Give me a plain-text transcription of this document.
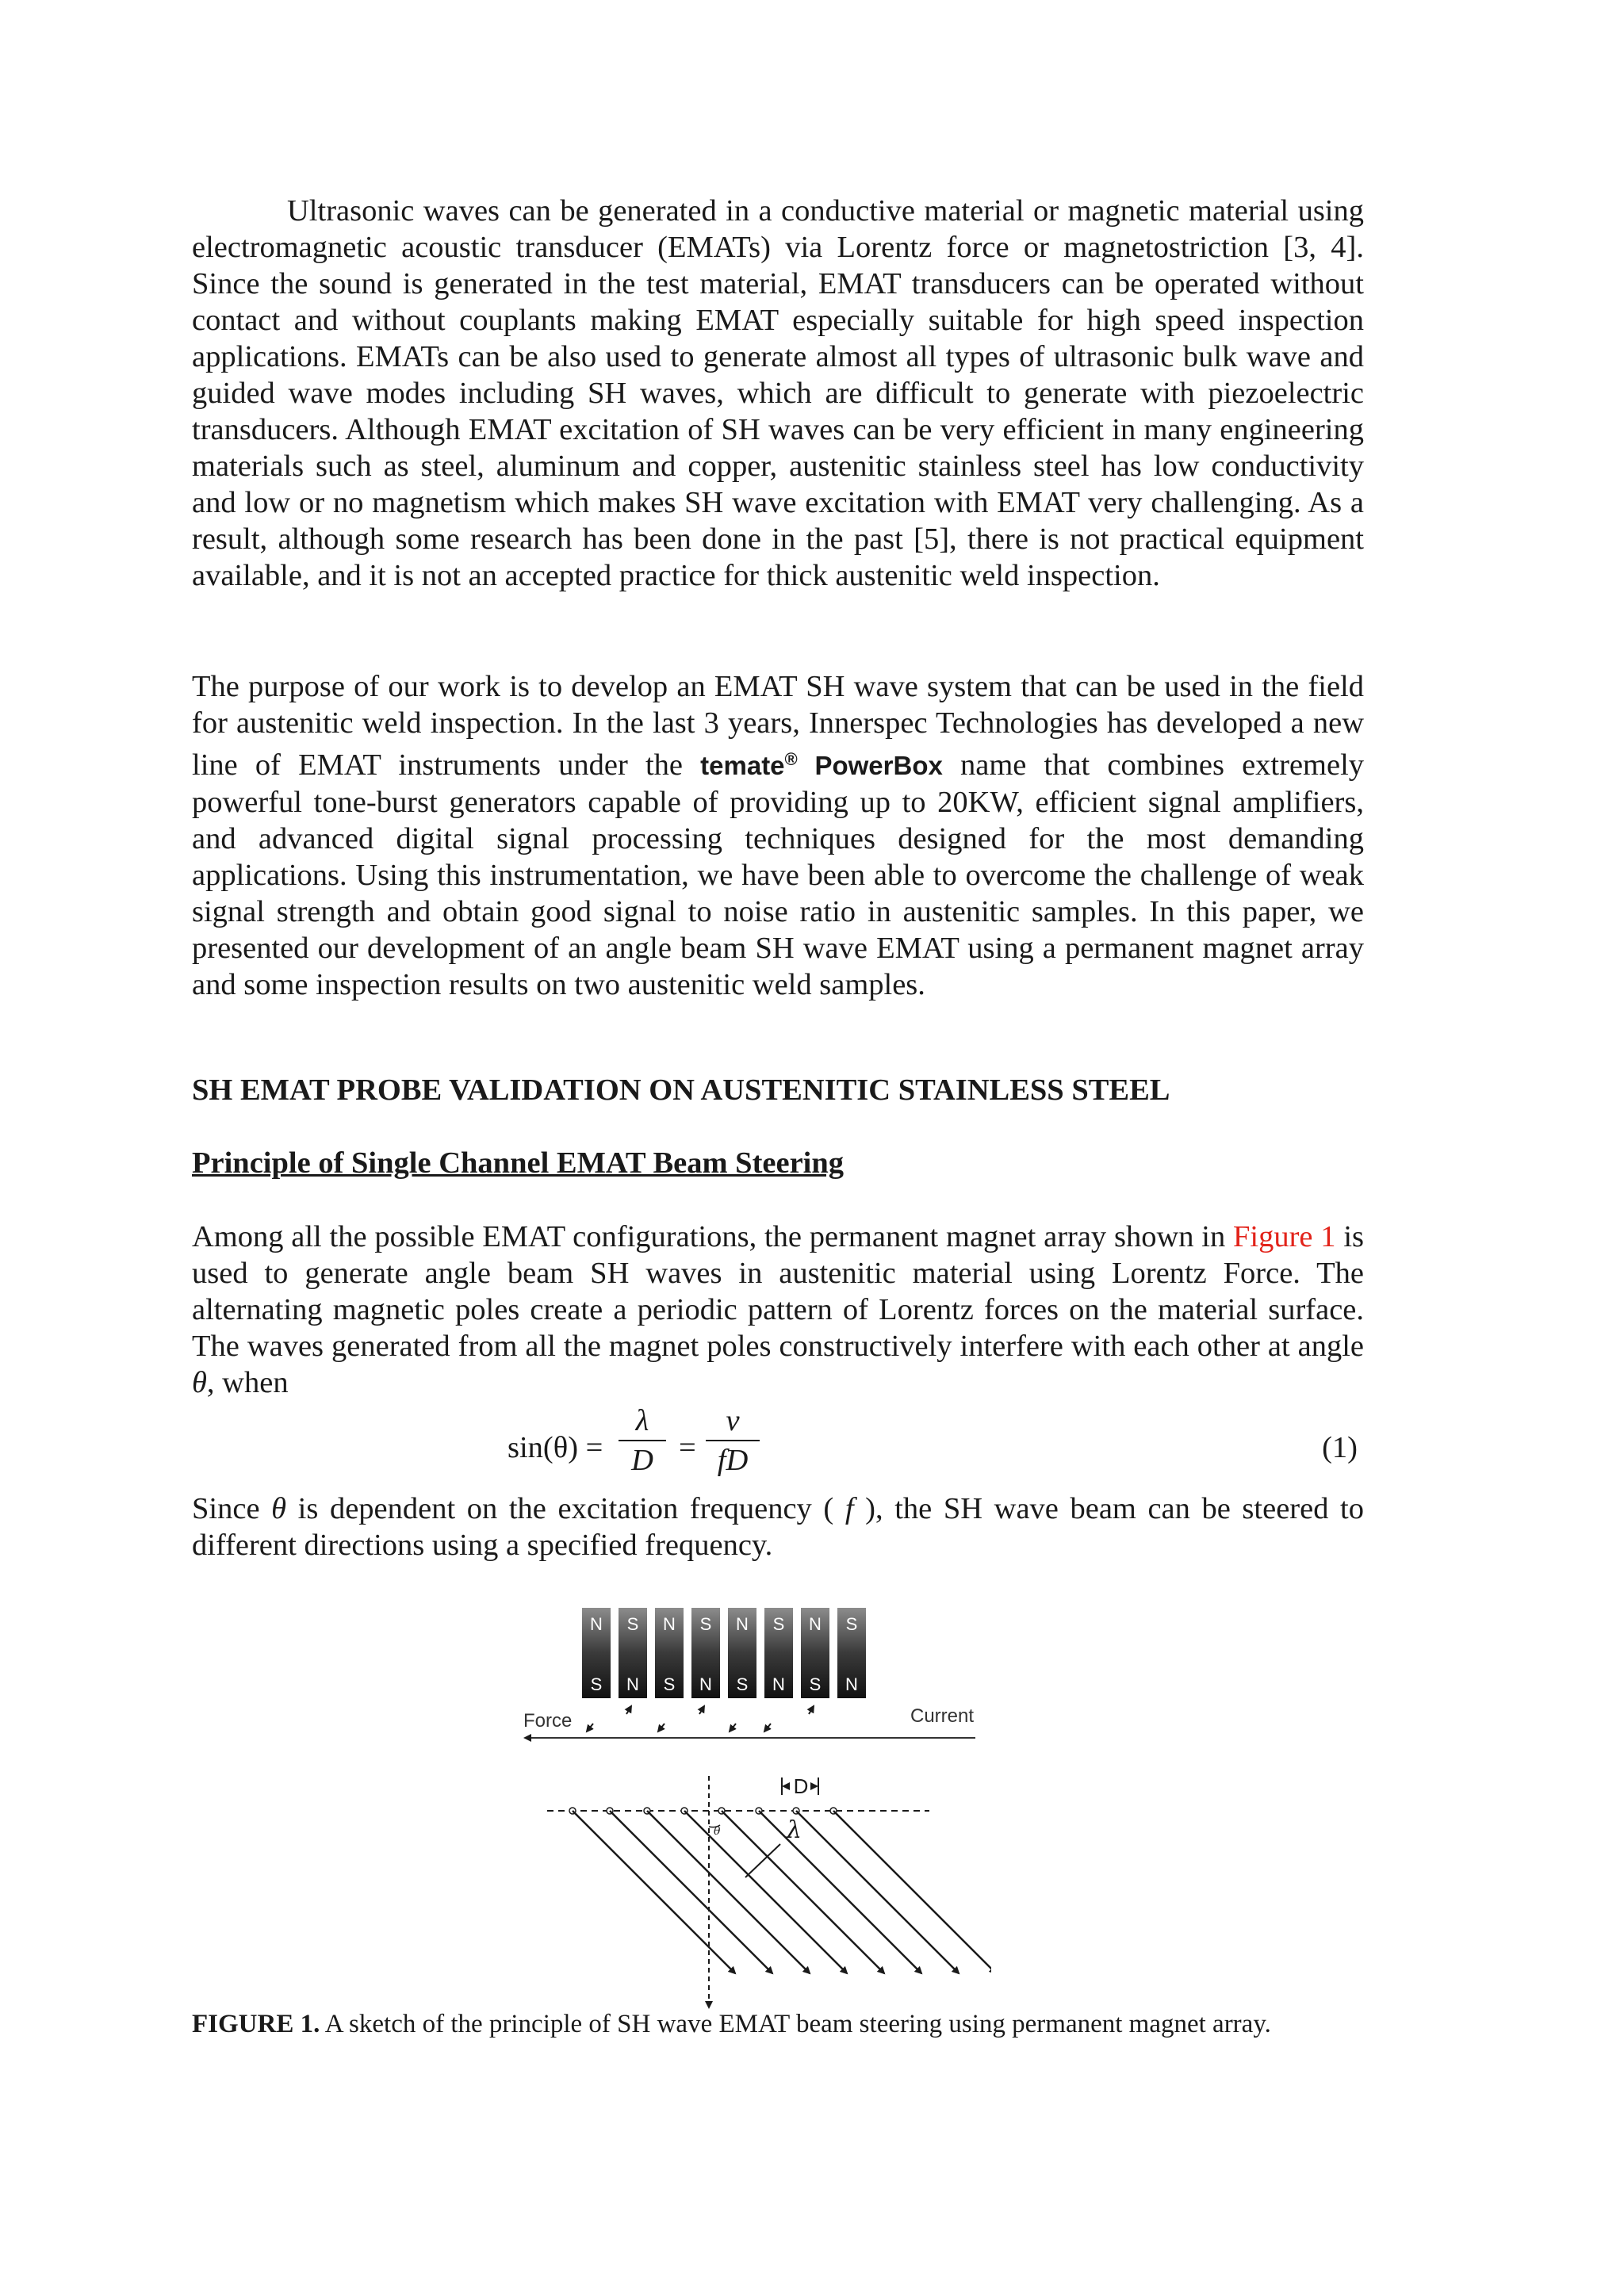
Ultrasonic waves can be generated in a conductive material or magnetic material using electromagnetic acoustic transducer (EMATs) via Lorentz force or magnetostriction [3, 4]. Since the sound is generated in the test material, EMAT transducers can be operated without contact and without couplants making EMAT especially suitable for high speed inspection applications. EMATs can be also used to generate almost all types of ultrasonic bulk wave and guided wave modes including SH waves, which are difficult to generate with piezoelectric transducers. Although EMAT excitation of SH waves can be very efficient in many engineering materials such as steel, aluminum and copper, austenitic stainless steel has low conductivity and low or no magnetism which makes SH wave excitation with EMAT very challenging. As a result, although some research has been done in the past [5], there is not practical equipment available, and it is not an accepted practice for thick austenitic weld inspection.

The purpose of our work is to develop an EMAT SH wave system that can be used in the field for austenitic weld inspection. In the last 3 years, Innerspec Technologies has developed a new line of EMAT instruments under the temate® PowerBox name that combines extremely powerful tone-burst generators capable of providing up to 20KW, efficient signal amplifiers, and advanced digital signal processing techniques designed for the most demanding applications. Using this instrumentation, we have been able to overcome the challenge of weak signal strength and obtain good signal to noise ratio in austenitic samples. In this paper, we presented our development of an angle beam SH wave EMAT using a permanent magnet array and some inspection results on two austenitic weld samples.

SH EMAT PROBE VALIDATION ON AUSTENITIC STAINLESS STEEL
Principle of Single Channel EMAT Beam Steering

Among all the possible EMAT configurations, the permanent magnet array shown in Figure 1 is used to generate angle beam SH waves in austenitic material using Lorentz Force. The alternating magnetic poles create a periodic pattern of Lorentz forces on the material surface. The waves generated from all the magnet poles constructively interfere with each other at angle θ, when

sin(θ) =
λ
D =
v
fD	(1)

Since θ is dependent on the excitation frequency ( f ), the SH wave beam can be steered to different directions using a specified frequency.

N
S
S
N
N
S
S
N
N
S
S
N
N
S
S
N
Force	Current
D
λ
θ

FIGURE 1. A sketch of the principle of SH wave EMAT beam steering using permanent magnet array.
